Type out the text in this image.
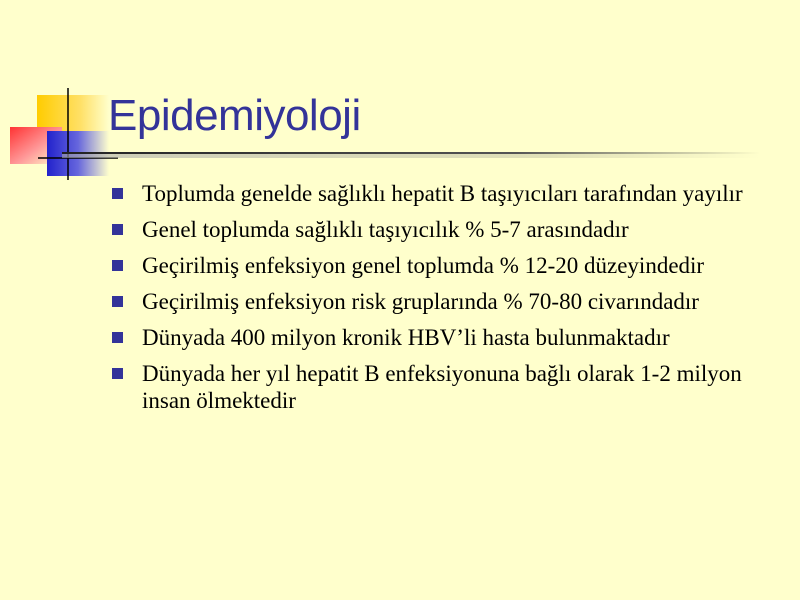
Epidemiyoloji
Toplumda genelde sağlıklı hepatit B taşıyıcıları tarafından yayılır
Genel toplumda sağlıklı taşıyıcılık % 5-7 arasındadır
Geçirilmiş enfeksiyon genel toplumda % 12-20 düzeyindedir
Geçirilmiş enfeksiyon risk gruplarında % 70-80 civarındadır
Dünyada 400 milyon kronik HBV’li hasta bulunmaktadır
Dünyada her yıl hepatit B enfeksiyonuna bağlı olarak 1-2 milyon insan ölmektedir
